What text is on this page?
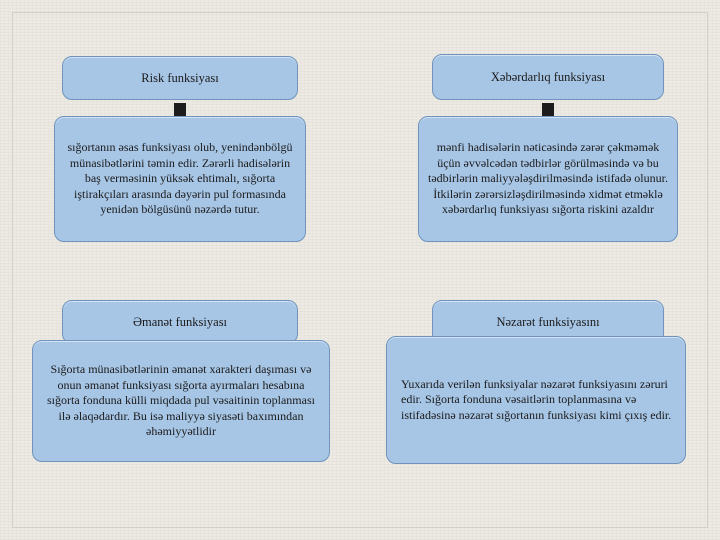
Risk funksiyası
sığortanın əsas funksiyası olub, yenindənbölgü münasibətlərini təmin edir. Zərərli hadisələrin baş verməsinin yüksək ehtimalı, sığorta iştirakçıları arasında dəyərin pul formasında yenidən bölgüsünü nəzərdə tutur.
Xəbərdarlıq funksiyası
mənfi hadisələrin nəticəsində zərər çəkməmək üçün əvvəlcədən tədbirlər görülməsində və bu tədbirlərin maliyyələşdirilməsində istifadə olunur. İtkilərin zərərsizləşdirilməsində xidmət etməklə xəbərdarlıq funksiyası sığorta riskini azaldır
Əmanət funksiyası
Sığorta münasibətlərinin əmanət xarakteri daşıması və onun əmanət funksiyası sığorta ayırmaları hesabına sığorta fonduna külli miqdada pul vəsaitinin toplanması ilə əlaqədardır. Bu isə maliyyə siyasəti baxımından əhəmiyyətlidir
Nəzarət funksiyasını
Yuxarıda verilən funksiyalar nəzarət funksiyasını zəruri edir. Sığorta fonduna vəsaitlərin toplanmasına və istifadəsinə nəzarət sığortanın funksiyası kimi çıxış edir.
